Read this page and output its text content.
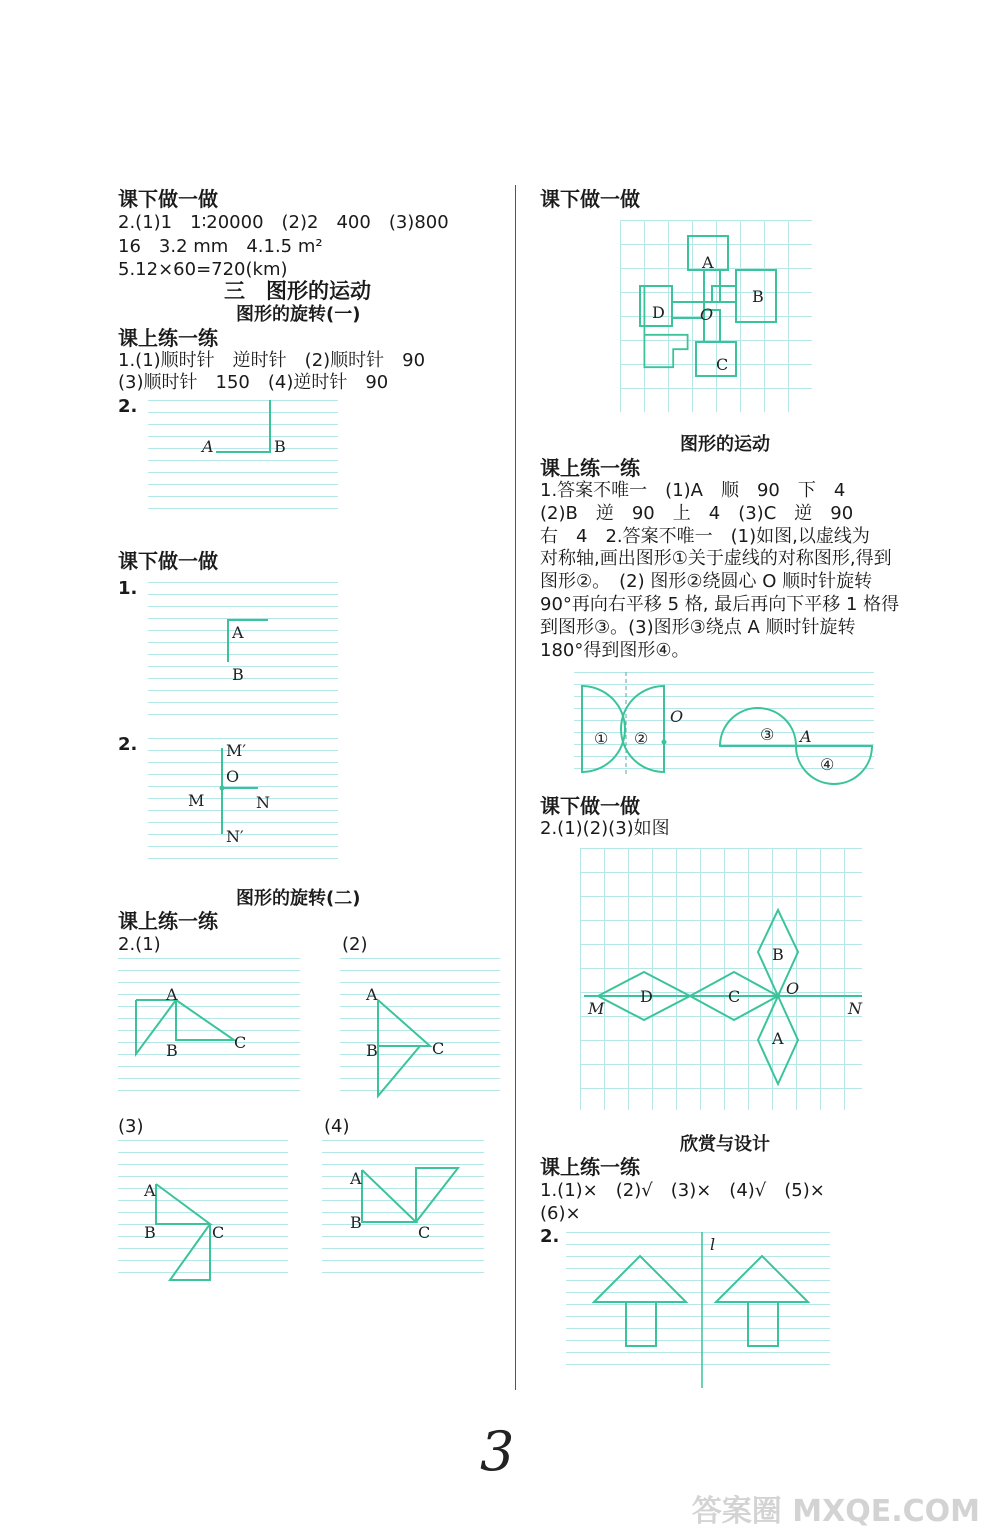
课下做一做
2.(1)1　1∶20000　(2)2　400　(3)800
16　3.2 mm　4.1.5 m²
5.12×60=720(km)
三　图形的运动
图形的旋转(一)
课上练一练
1.(1)顺时针　逆时针　(2)顺时针　90
(3)顺时针　150　(4)逆时针　90
2.
A	B
课下做一做
1.
A
B
2.	M′
O
M	N
N′
图形的旋转(二)
课上练一练
2.(1)	(2)
A
B	C
A
B	C
(3)	(4)
A
B	C
A
B
C
课下做一做
A
B
D O
C
图形的运动
课上练一练
1.答案不唯一　(1)A　顺　90　下　4
(2)B　逆　90　上　4　(3)C　逆　90
右　4　2.答案不唯一　(1)如图,以虚线为
对称轴,画出图形①关于虚线的对称图形,得到
图形②。　(2) 图形②绕圆心 O 顺时针旋转
90°再向右平移 5 格, 最后再向下平移 1 格得
到图形③。(3)图形③绕点 A 顺时针旋转
180°得到图形④。
① ②
O
③ A
④
课下做一做
2.(1)(2)(3)如图
D	C
B
A
O
M	N
欣赏与设计
课上练一练
1.(1)×　(2)√　(3)×　(4)√　(5)×
(6)×
2.	l
3
答案圈 MXQE.COM
